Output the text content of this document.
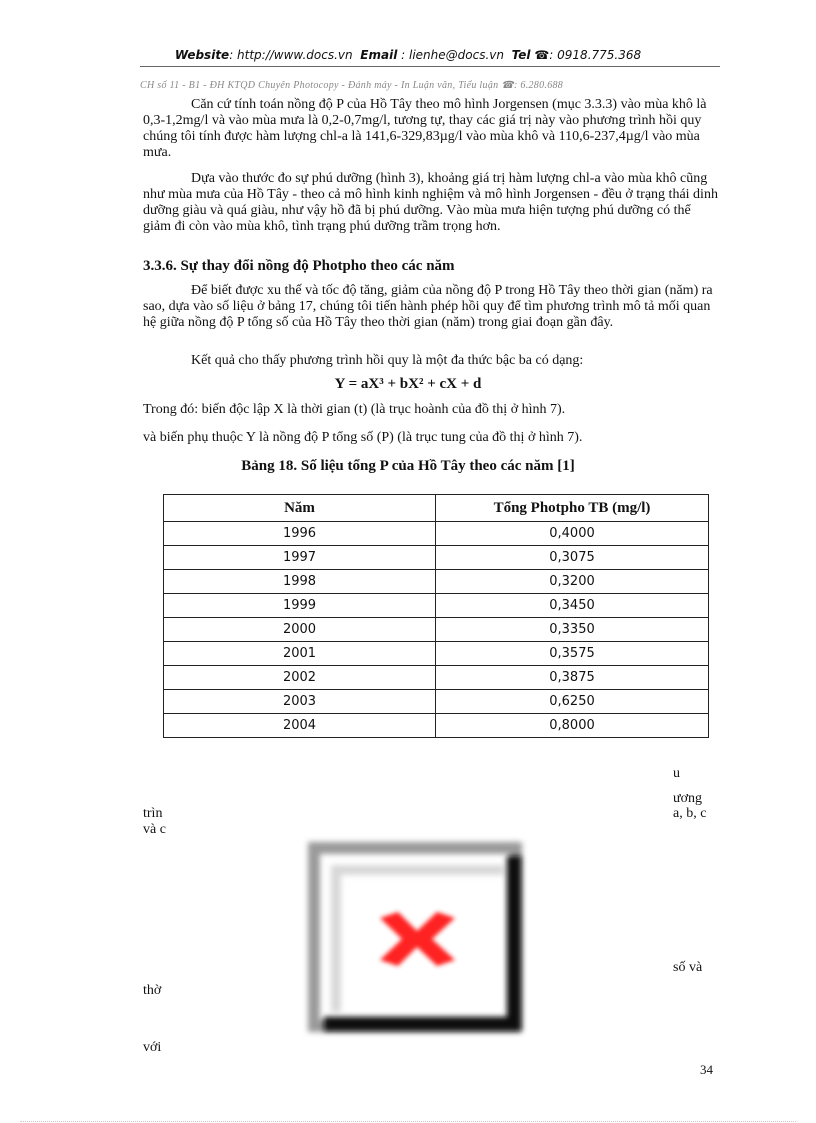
Website: http://www.docs.vn Email : lienhe@docs.vn Tel ☎: 0918.775.368
CH số 11 - B1 - ĐH KTQD Chuyên Photocopy - Đánh máy - In Luận văn, Tiểu luận ☎: 6.280.688
Căn cứ tính toán nồng độ P của Hồ Tây theo mô hình Jorgensen (mục 3.3.3) vào mùa khô là 0,3-1,2mg/l và vào mùa mưa là 0,2-0,7mg/l, tương tự, thay các giá trị này vào phương trình hồi quy chúng tôi tính được hàm lượng chl-a là 141,6-329,83µg/l vào mùa khô và 110,6-237,4µg/l vào mùa mưa.
Dựa vào thước đo sự phú dưỡng (hình 3), khoảng giá trị hàm lượng chl-a vào mùa khô cũng như mùa mưa của Hồ Tây - theo cả mô hình kinh nghiệm và mô hình Jorgensen - đều ở trạng thái dinh dưỡng giàu và quá giàu, như vậy hồ đã bị phú dưỡng. Vào mùa mưa hiện tượng phú dưỡng có thể giảm đi còn vào mùa khô, tình trạng phú dưỡng trầm trọng hơn.
3.3.6. Sự thay đổi nồng độ Photpho theo các năm
Để biết được xu thế và tốc độ tăng, giảm của nồng độ P trong Hồ Tây theo thời gian (năm) ra sao, dựa vào số liệu ở bảng 17, chúng tôi tiến hành phép hồi quy để tìm phương trình mô tả mối quan hệ giữa nồng độ P tổng số của Hồ Tây theo thời gian (năm) trong giai đoạn gần đây.
Kết quả cho thấy phương trình hồi quy là một đa thức bậc ba có dạng:
Y = aX³ + bX² + cX + d
Trong đó: biến độc lập X là thời gian (t) (là trục hoành của đồ thị ở hình 7).
và biến phụ thuộc Y là nồng độ P tổng số (P) (là trục tung của đồ thị ở hình 7).
Bảng 18. Số liệu tổng P của Hồ Tây theo các năm [1]
Năm	Tổng Photpho TB (mg/l)
1996	0,4000
1997	0,3075
1998	0,3200
1999	0,3450
2000	0,3350
2001	0,3575
2002	0,3875
2003	0,6250
2004	0,8000
u
ương
trìn	a, b, c
và c
số và
thờ
với
34
